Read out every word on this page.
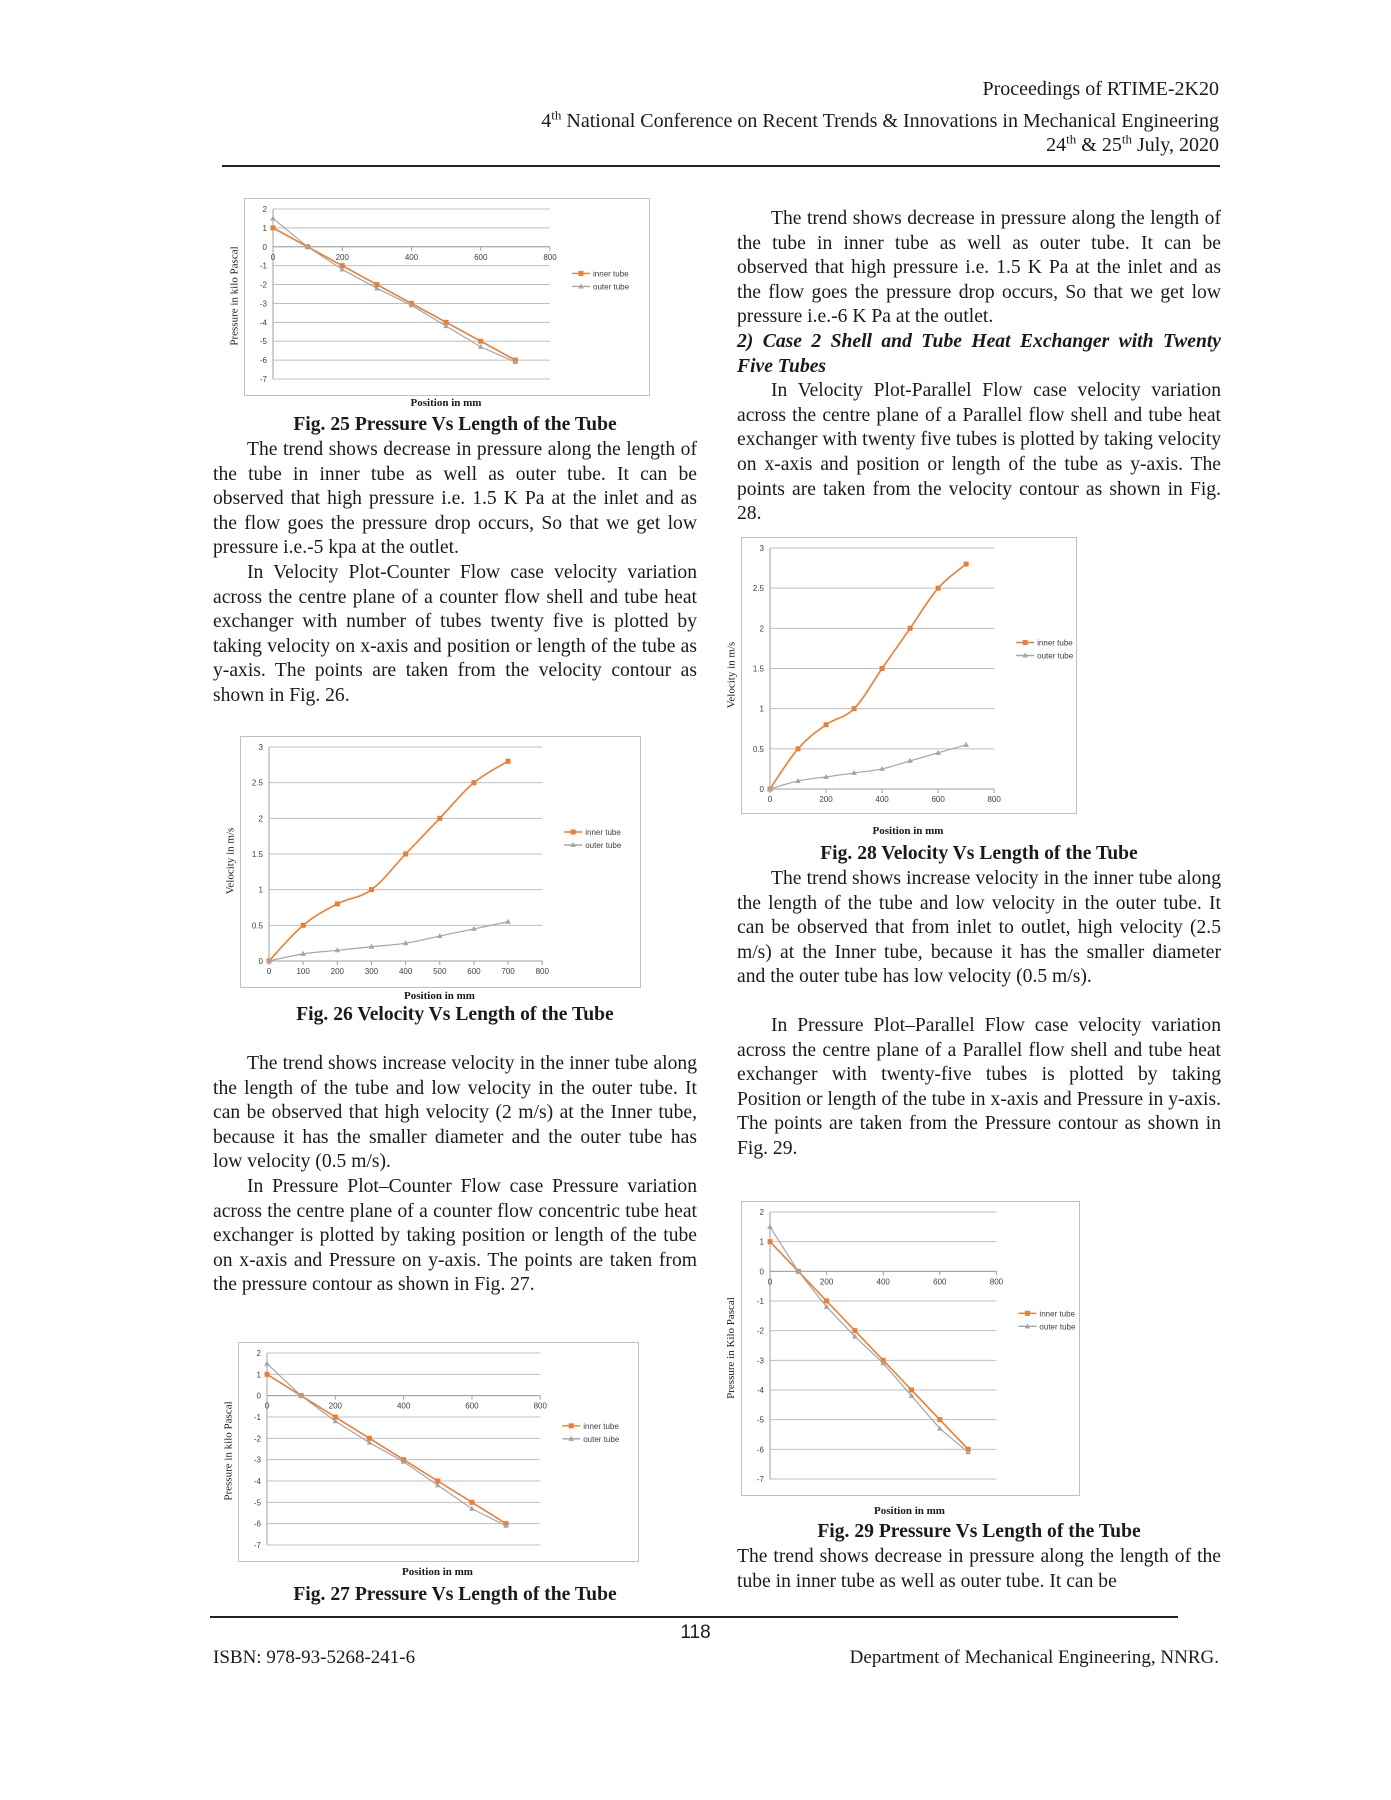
Proceedings of RTIME-2K20
4th National Conference on Recent Trends & Innovations in Mechanical Engineering
24th & 25th July, 2020
2
1
0
-1
-2
-3
-4
-5
-6
-7
0	200	400	600	800
inner tube
outer tube
Position in mm
Fig. 25 Pressure Vs Length of the Tube

The trend shows decrease in pressure along the length of the tube in inner tube as well as outer tube. It can be observed that high pressure i.e. 1.5 K Pa at the inlet and as the flow goes the pressure drop occurs, So that we get low pressure i.e.-5 kpa at the outlet.

In Velocity Plot-Counter Flow case velocity variation across the centre plane of a counter flow shell and tube heat exchanger with number of tubes twenty five is plotted by taking velocity on x-axis and position or length of the tube as y-axis. The points are taken from the velocity contour as shown in Fig. 26.

3
2.5
2
1.5
1
0.5
0
0	100	200	300	400	500	600	700	800
inner tube
outer tube
Position in mm
Fig. 26 Velocity Vs Length of the Tube

The trend shows increase velocity in the inner tube along the length of the tube and low velocity in the outer tube. It can be observed that high velocity (2 m/s) at the Inner tube, because it has the smaller diameter and the outer tube has low velocity (0.5 m/s).

In Pressure Plot–Counter Flow case Pressure variation across the centre plane of a counter flow concentric tube heat exchanger is plotted by taking position or length of the tube on x-axis and Pressure on y-axis. The points are taken from the pressure contour as shown in Fig. 27.

2
1
0
-1
-2
-3
-4
-5
-6
-7
0	200	400	600	800
inner tube
outer tube
Position in mm
Fig. 27 Pressure Vs Length of the Tube

The trend shows decrease in pressure along the length of the tube in inner tube as well as outer tube. It can be observed that high pressure i.e. 1.5 K Pa at the inlet and as the flow goes the pressure drop occurs, So that we get low pressure i.e.-6 K Pa at the outlet.

2) Case 2 Shell and Tube Heat Exchanger with Twenty Five Tubes

In Velocity Plot-Parallel Flow case velocity variation across the centre plane of a Parallel flow shell and tube heat exchanger with twenty five tubes is plotted by taking velocity on x-axis and position or length of the tube as y-axis. The points are taken from the velocity contour as shown in Fig. 28.

3
2.5
2
1.5
1
0.5
0
0	200	400	600	800
inner tube
outer tube
Position in mm
Fig. 28 Velocity Vs Length of the Tube

The trend shows increase velocity in the inner tube along the length of the tube and low velocity in the outer tube. It can be observed that from inlet to outlet, high velocity (2.5 m/s) at the Inner tube, because it has the smaller diameter and the outer tube has low velocity (0.5 m/s).

In Pressure Plot–Parallel Flow case velocity variation across the centre plane of a Parallel flow shell and tube heat exchanger with twenty-five tubes is plotted by taking Position or length of the tube in x-axis and Pressure in y-axis. The points are taken from the Pressure contour as shown in Fig. 29.

2
1
0
-1
-2
-3
-4
-5
-6
-7
0	200	400	600	800
inner tube
outer tube
Position in mm
Fig. 29 Pressure Vs Length of the Tube

The trend shows decrease in pressure along the length of the tube in inner tube as well as outer tube. It can be

118
ISBN: 978-93-5268-241-6	Department of Mechanical Engineering, NNRG.
Pressure in kilo Pascal
Velocity in m/s
Pressure in kilo Pascal
Velocity in m/s
Pressure in Kilo Pascal
